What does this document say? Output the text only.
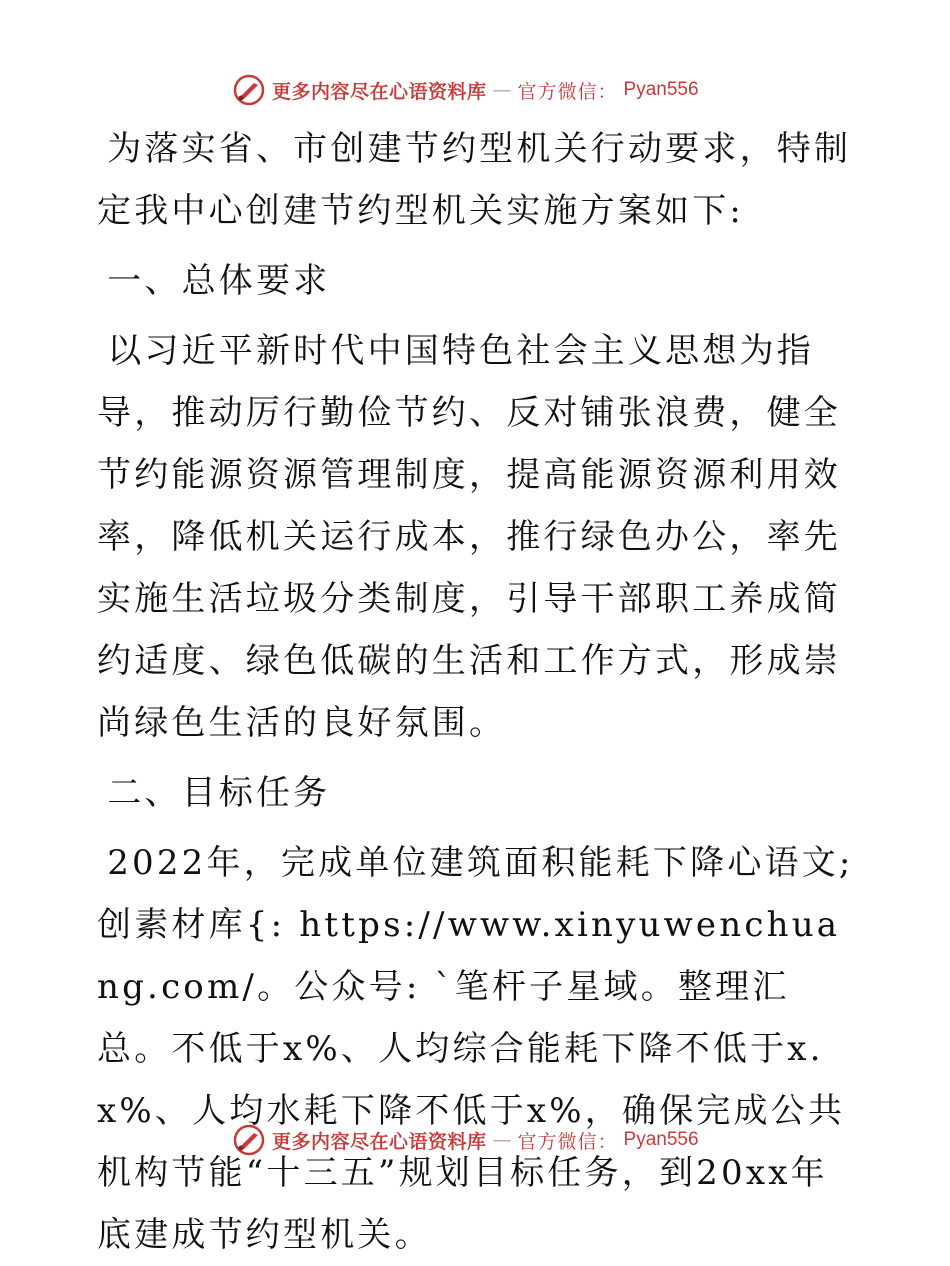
更多内容尽在心语资料库 — 官方微信： Pyan556

为落实省、市创建节约型机关行动要求，特制定我中心创建节约型机关实施方案如下:

一、总体要求

以习近平新时代中国特色社会主义思想为指导，推动厉行勤俭节约、反对铺张浪费，健全节约能源资源管理制度，提高能源资源利用效率，降低机关运行成本，推行绿色办公，率先实施生活垃圾分类制度，引导干部职工养成简约适度、绿色低碳的生活和工作方式，形成崇尚绿色生活的良好氛围。

二、目标任务

2022年，完成单位建筑面积能耗下降心语文;创素材库{: https://www.xinyuwenchuang.com/。公众号: `笔杆子星域。整理汇总。不低于x%、人均综合能耗下降不低于x.x%、人均水耗下降不低于x%，确保完成公共机构节能“十三五”规划目标任务，到20xx年底建成节约型机关。

更多内容尽在心语资料库 — 官方微信： Pyan556
